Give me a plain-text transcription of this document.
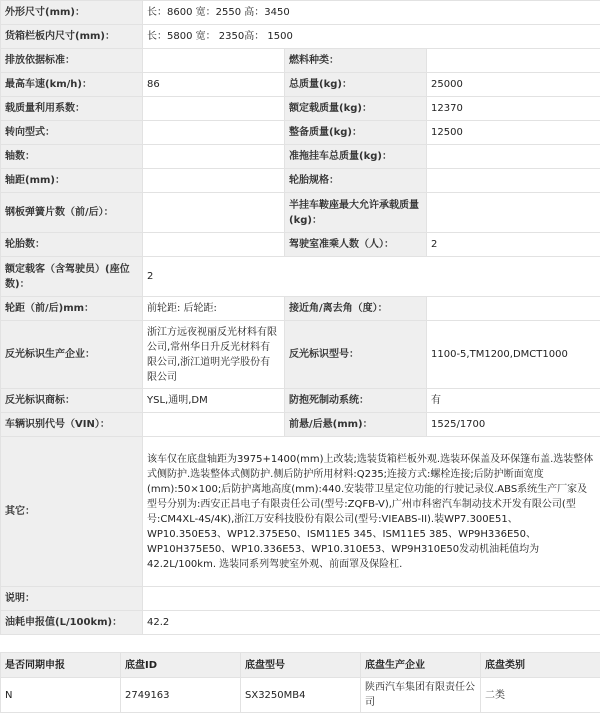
外形尺寸(mm)：	长：8600 宽：2550 高：3450		
货箱栏板内尺寸(mm)：	长：5800 宽： 2350高： 1500		
排放依据标准：		燃料种类：	
最高车速(km/h)：	86	总质量(kg)：	25000
载质量利用系数：		额定载质量(kg)：	12370
转向型式：		整备质量(kg)：	12500
轴数：		准拖挂车总质量(kg)：	
轴距(mm)：		轮胎规格：	
钢板弹簧片数（前/后）：		半挂车鞍座最大允许承载质量(kg)：	
轮胎数：		驾驶室准乘人数（人）：	2
额定载客（含驾驶员）(座位数)：	2		
轮距（前/后)mm：	前轮距: 后轮距:	接近角/离去角（度）：	
反光标识生产企业：	浙江方远夜视丽反光材料有限公司,常州华日升反光材料有限公司,浙江道明光学股份有限公司	反光标识型号：	1100-5,TM1200,DMCT1000
反光标识商标：	YSL,通明,DM	防抱死制动系统：	有
车辆识别代号（VIN）：		前悬/后悬(mm)：	1525/1700
其它：	该车仅在底盘轴距为3975+1400(mm)上改装;选装货箱栏板外观.选装环保盖及环保篷布盖.选装整体式侧防护.选装整体式侧防护.侧后防护所用材料:Q235;连接方式:螺栓连接;后防护断面宽度(mm):50×100;后防护离地高度(mm):440.安装带卫星定位功能的行驶记录仪.ABS系统生产厂家及型号分别为:西安正昌电子有限责任公司(型号:ZQFB-V),广州市科密汽车制动技术开发有限公司(型号:CM4XL-4S/4K),浙江万安科技股份有限公司(型号:VIEABS-II).装WP7.300E51、WP10.350E53、WP12.375E50、ISM11E5 345、ISM11E5 385、WP9H336E50、WP10H375E50、WP10.336E53、WP10.310E53、WP9H310E50发动机油耗值均为42.2L/100km. 选装同系列驾驶室外观、前面罩及保险杠.		
说明：			
油耗申报值(L/100km)：	42.2		
是否同期申报	底盘ID	底盘型号	底盘生产企业	底盘类别
N	2749163	SX3250MB4	陕西汽车集团有限责任公司	二类
